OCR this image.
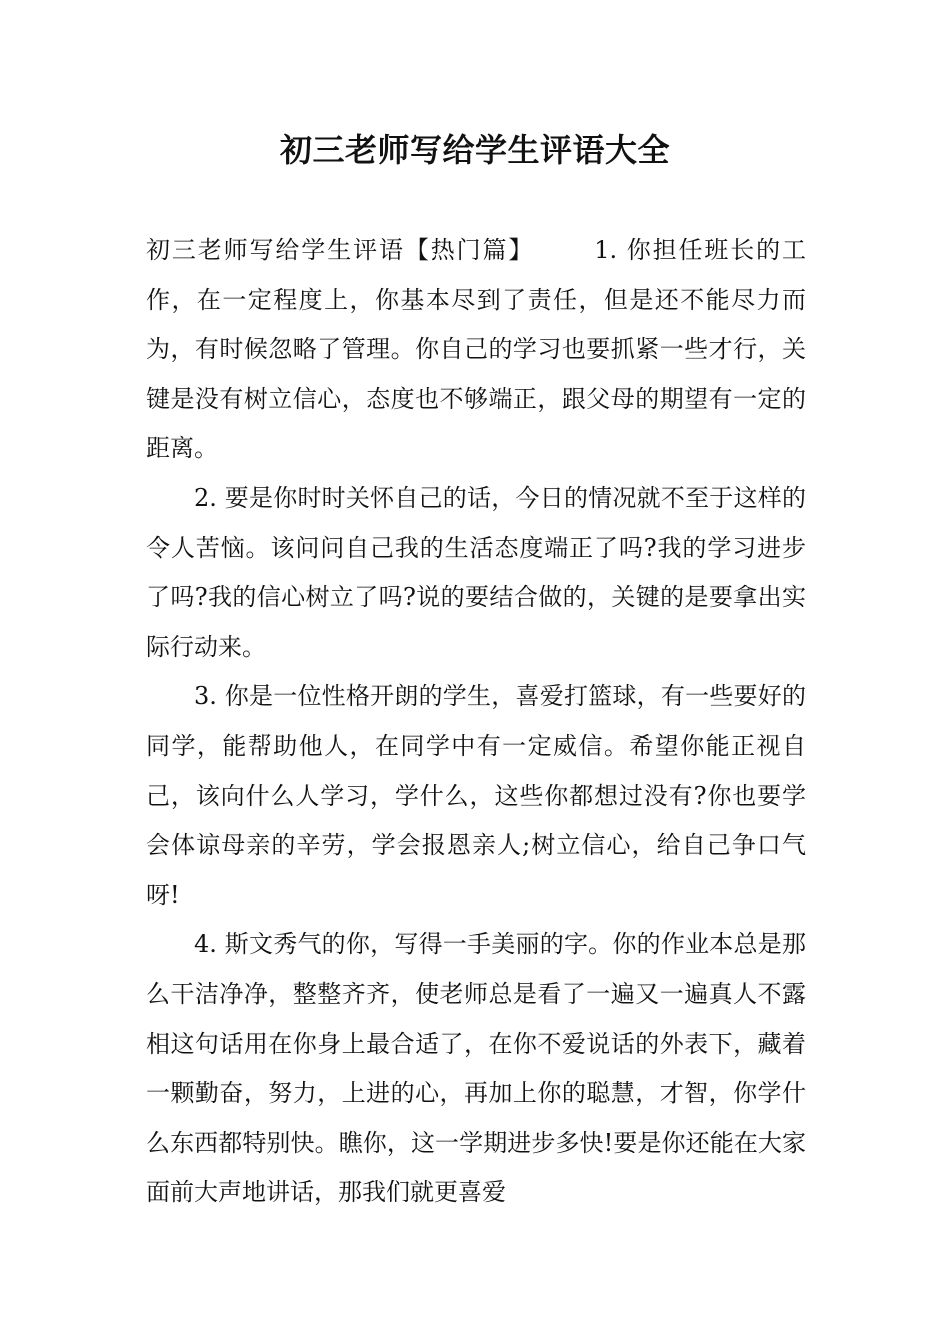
初三老师写给学生评语大全

初三老师写给学生评语【热门篇】	1. 你担任班长的工作，在一定程度上，你基本尽到了责任，但是还不能尽力而为，有时候忽略了管理。你自己的学习也要抓紧一些才行，关键是没有树立信心，态度也不够端正，跟父母的期望有一定的距离。

2. 要是你时时关怀自己的话，今日的情况就不至于这样的令人苦恼。该问问自己我的生活态度端正了吗?我的学习进步了吗?我的信心树立了吗?说的要结合做的，关键的是要拿出实际行动来。

3. 你是一位性格开朗的学生，喜爱打篮球，有一些要好的同学，能帮助他人，在同学中有一定威信。希望你能正视自己，该向什么人学习，学什么，这些你都想过没有?你也要学会体谅母亲的辛劳，学会报恩亲人;树立信心，给自己争口气呀!

4. 斯文秀气的你，写得一手美丽的字。你的作业本总是那么干洁净净，整整齐齐，使老师总是看了一遍又一遍真人不露相这句话用在你身上最合适了，在你不爱说话的外表下，藏着一颗勤奋，努力，上进的心，再加上你的聪慧，才智，你学什么东西都特别快。瞧你，这一学期进步多快!要是你还能在大家面前大声地讲话，那我们就更喜爱
